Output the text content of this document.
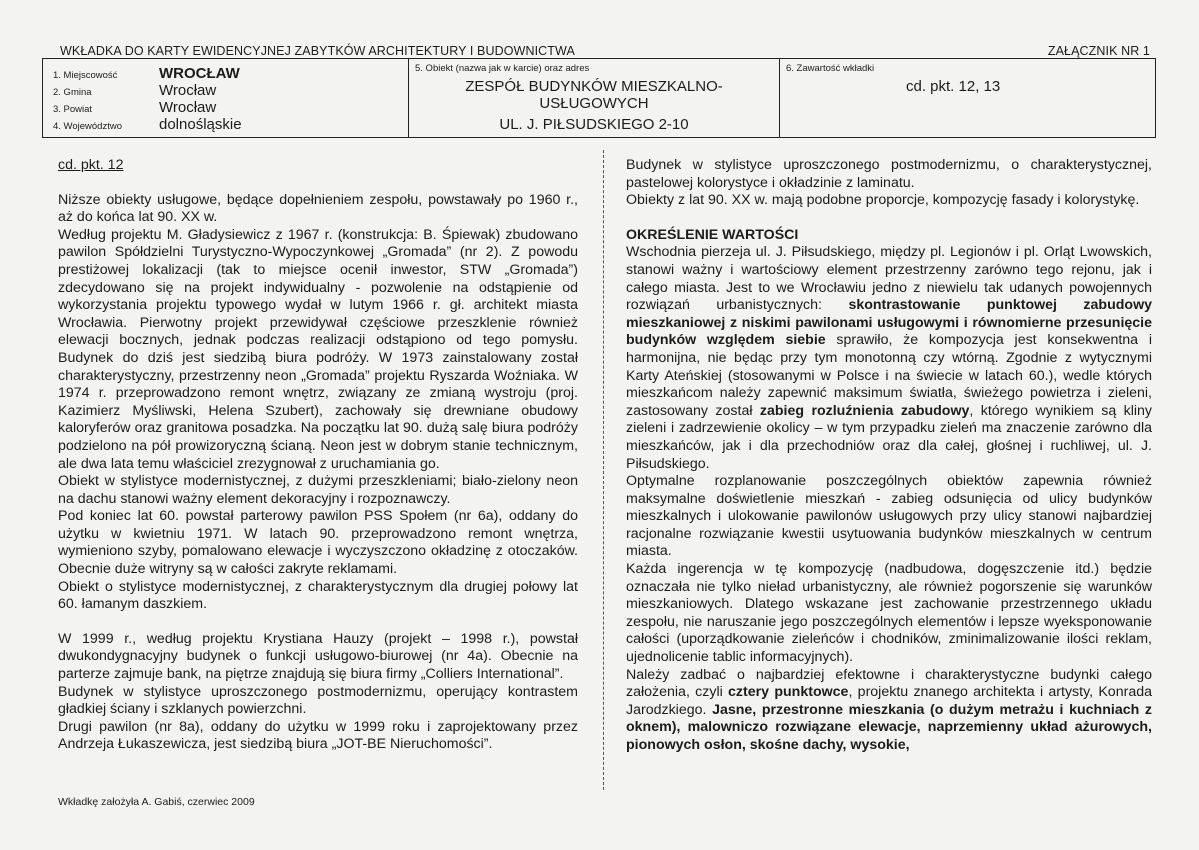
WKŁADKA DO KARTY EWIDENCYJNEJ ZABYTKÓW ARCHITEKTURY I BUDOWNICTWA	ZAŁĄCZNIK NR 1
1. Miejscowość	WROCŁAW
2. Gmina	Wrocław
3. Powiat	Wrocław
4. Województwo	dolnośląskie
5. Obiekt (nazwa jak w karcie) oraz adres
ZESPÓŁ BUDYNKÓW MIESZKALNO-USŁUGOWYCH
UL. J. PIŁSUDSKIEGO 2-10
6. Zawartość wkładki
cd. pkt. 12, 13

cd. pkt. 12

Niższe obiekty usługowe, będące dopełnieniem zespołu, powstawały po 1960 r., aż do końca lat 90. XX w.

Według projektu M. Gładysiewicz z 1967 r. (konstrukcja: B. Śpiewak) zbudowano pawilon Spółdzielni Turystyczno-Wypoczynkowej „Gromada” (nr 2). Z powodu prestiżowej lokalizacji (tak to miejsce ocenił inwestor, STW „Gromada”) zdecydowano się na projekt indywidualny - pozwolenie na odstąpienie od wykorzystania projektu typowego wydał w lutym 1966 r. gł. architekt miasta Wrocławia. Pierwotny projekt przewidywał częściowe przeszklenie również elewacji bocznych, jednak podczas realizacji odstąpiono od tego pomysłu. Budynek do dziś jest siedzibą biura podróży. W 1973 zainstalowany został charakterystyczny, przestrzenny neon „Gromada” projektu Ryszarda Woźniaka. W 1974 r. przeprowadzono remont wnętrz, związany ze zmianą wystroju (proj. Kazimierz Myśliwski, Helena Szubert), zachowały się drewniane obudowy kaloryferów oraz granitowa posadzka. Na początku lat 90. dużą salę biura podróży podzielono na pół prowizoryczną ścianą. Neon jest w dobrym stanie technicznym, ale dwa lata temu właściciel zrezygnował z uruchamiania go.

Obiekt w stylistyce modernistycznej, z dużymi przeszkleniami; biało-zielony neon na dachu stanowi ważny element dekoracyjny i rozpoznawczy.

Pod koniec lat 60. powstał parterowy pawilon PSS Społem (nr 6a), oddany do użytku w kwietniu 1971. W latach 90. przeprowadzono remont wnętrza, wymieniono szyby, pomalowano elewacje i wyczyszczono okładzinę z otoczaków. Obecnie duże witryny są w całości zakryte reklamami.

Obiekt o stylistyce modernistycznej, z charakterystycznym dla drugiej połowy lat 60. łamanym daszkiem.

W 1999 r., według projektu Krystiana Hauzy (projekt – 1998 r.), powstał dwukondygnacyjny budynek o funkcji usługowo-biurowej (nr 4a). Obecnie na parterze zajmuje bank, na piętrze znajdują się biura firmy „Colliers International”.

Budynek w stylistyce uproszczonego postmodernizmu, operujący kontrastem gładkiej ściany i szklanych powierzchni.

Drugi pawilon (nr 8a), oddany do użytku w 1999 roku i zaprojektowany przez Andrzeja Łukaszewicza, jest siedzibą biura „JOT-BE Nieruchomości”.

Budynek w stylistyce uproszczonego postmodernizmu, o charakterystycznej, pastelowej kolorystyce i okładzinie z laminatu.

Obiekty z lat 90. XX w. mają podobne proporcje, kompozycję fasady i kolorystykę.

OKREŚLENIE WARTOŚCI

Wschodnia pierzeja ul. J. Piłsudskiego, między pl. Legionów i pl. Orląt Lwowskich, stanowi ważny i wartościowy element przestrzenny zarówno tego rejonu, jak i całego miasta. Jest to we Wrocławiu jedno z niewielu tak udanych powojennych rozwiązań urbanistycznych: skontrastowanie punktowej zabudowy mieszkaniowej z niskimi pawilonami usługowymi i równomierne przesunięcie budynków względem siebie sprawiło, że kompozycja jest konsekwentna i harmonijna, nie będąc przy tym monotonną czy wtórną. Zgodnie z wytycznymi Karty Ateńskiej (stosowanymi w Polsce i na świecie w latach 60.), wedle których mieszkańcom należy zapewnić maksimum światła, świeżego powietrza i zieleni, zastosowany został zabieg rozluźnienia zabudowy, którego wynikiem są kliny zieleni i zadrzewienie okolicy – w tym przypadku zieleń ma znaczenie zarówno dla mieszkańców, jak i dla przechodniów oraz dla całej, głośnej i ruchliwej, ul. J. Piłsudskiego.

Optymalne rozplanowanie poszczególnych obiektów zapewnia również maksymalne doświetlenie mieszkań - zabieg odsunięcia od ulicy budynków mieszkalnych i ulokowanie pawilonów usługowych przy ulicy stanowi najbardziej racjonalne rozwiązanie kwestii usytuowania budynków mieszkalnych w centrum miasta.

Każda ingerencja w tę kompozycję (nadbudowa, dogęszczenie itd.) będzie oznaczała nie tylko nieład urbanistyczny, ale również pogorszenie się warunków mieszkaniowych. Dlatego wskazane jest zachowanie przestrzennego układu zespołu, nie naruszanie jego poszczególnych elementów i lepsze wyeksponowanie całości (uporządkowanie zieleńców i chodników, zminimalizowanie ilości reklam, ujednolicenie tablic informacyjnych).

Należy zadbać o najbardziej efektowne i charakterystyczne budynki całego założenia, czyli cztery punktowce, projektu znanego architekta i artysty, Konrada Jarodzkiego. Jasne, przestronne mieszkania (o dużym metrażu i kuchniach z oknem), malowniczo rozwiązane elewacje, naprzemienny układ ażurowych, pionowych osłon, skośne dachy, wysokie,

Wkładkę założyła A. Gabiś, czerwiec 2009
